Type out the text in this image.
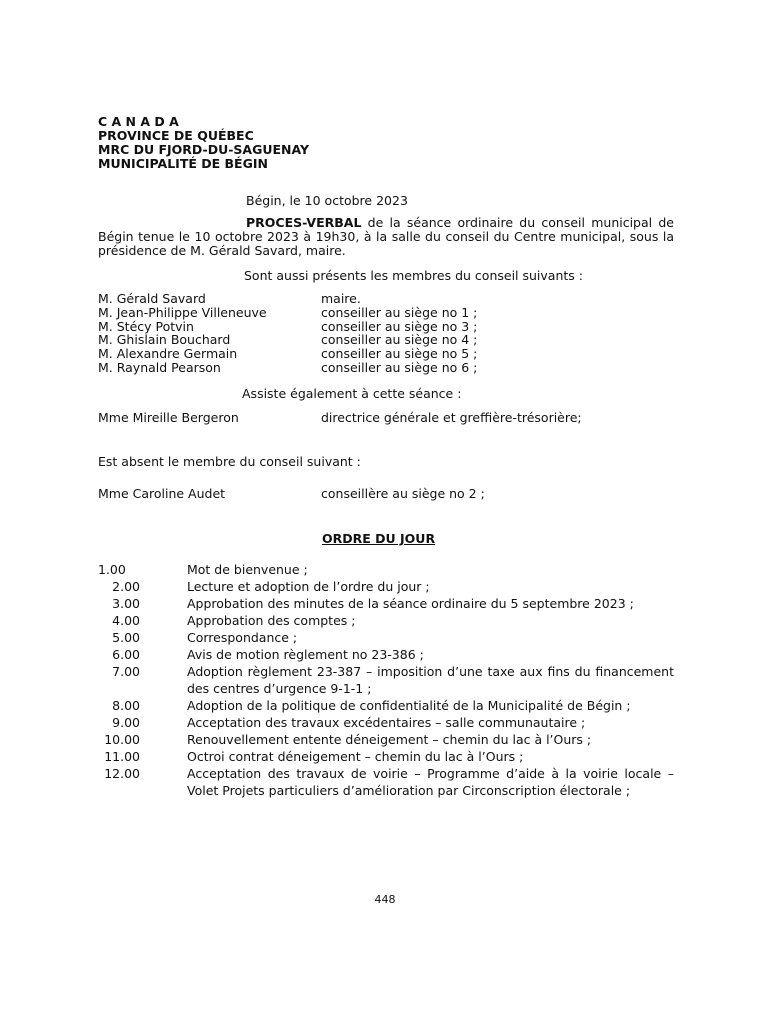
C A N A D A
PROVINCE DE QUÉBEC
MRC DU FJORD-DU-SAGUENAY
MUNICIPALITÉ DE BÉGIN
Bégin, le 10 octobre 2023
PROCES-VERBAL de la séance ordinaire du conseil municipal de Bégin tenue le 10 octobre 2023 à 19h30, à la salle du conseil du Centre municipal, sous la présidence de M. Gérald Savard, maire.
Sont aussi présents les membres du conseil suivants :
M. Gérald Savard	maire.
M. Jean-Philippe Villeneuve	conseiller au siège no 1 ;
M. Stécy Potvin	conseiller au siège no 3 ;
M. Ghislain Bouchard	conseiller au siège no 4 ;
M. Alexandre Germain	conseiller au siège no 5 ;
M. Raynald Pearson	conseiller au siège no 6 ;
Assiste également à cette séance :
Mme Mireille Bergeron	directrice générale et greffière-trésorière;
Est absent le membre du conseil suivant :
Mme Caroline Audet	conseillère au siège no 2 ;
ORDRE DU JOUR
1.00	Mot de bienvenue ;
2.00	Lecture et adoption de l’ordre du jour ;
3.00	Approbation des minutes de la séance ordinaire du 5 septembre 2023 ;
4.00	Approbation des comptes ;
5.00	Correspondance ;
6.00	Avis de motion règlement no 23-386 ;
7.00	Adoption règlement 23-387 – imposition d’une taxe aux fins du financement des centres d’urgence 9-1-1 ;
8.00	Adoption de la politique de confidentialité de la Municipalité de Bégin ;
9.00	Acceptation des travaux excédentaires – salle communautaire ;
10.00	Renouvellement entente déneigement – chemin du lac à l’Ours ;
11.00	Octroi contrat déneigement – chemin du lac à l’Ours ;
12.00	Acceptation des travaux de voirie – Programme d’aide à la voirie locale – Volet Projets particuliers d’amélioration par Circonscription électorale ;
448
